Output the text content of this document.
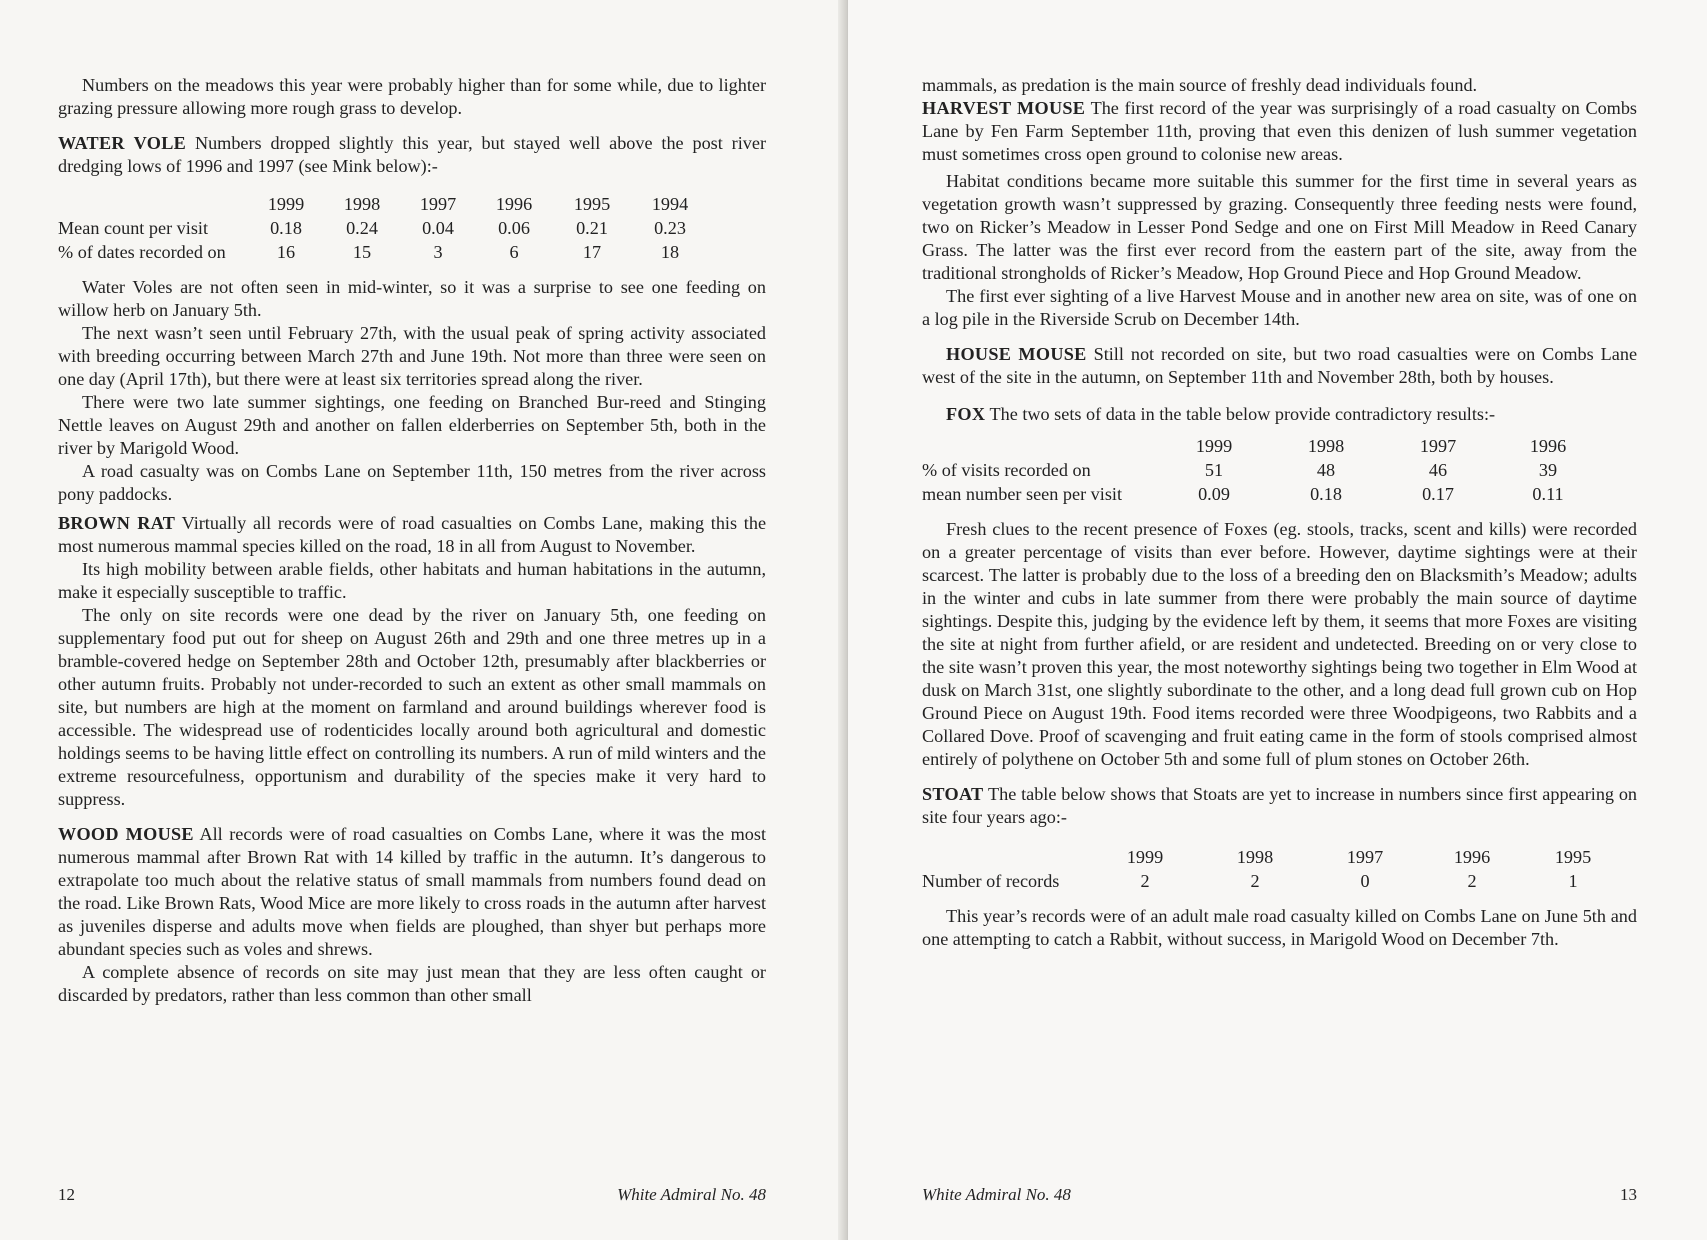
Numbers on the meadows this year were probably higher than for some while, due to lighter grazing pressure allowing more rough grass to develop.

WATER VOLE Numbers dropped slightly this year, but stayed well above the post river dredging lows of 1996 and 1997 (see Mink below):-

	1999	1998	1997	1996	1995	1994
Mean count per visit	0.18	0.24	0.04	0.06	0.21	0.23
% of dates recorded on	16	15	3	6	17	18

Water Voles are not often seen in mid-winter, so it was a surprise to see one feeding on willow herb on January 5th.

The next wasn’t seen until February 27th, with the usual peak of spring activity associated with breeding occurring between March 27th and June 19th. Not more than three were seen on one day (April 17th), but there were at least six territories spread along the river.

There were two late summer sightings, one feeding on Branched Bur-reed and Stinging Nettle leaves on August 29th and another on fallen elderberries on September 5th, both in the river by Marigold Wood.

A road casualty was on Combs Lane on September 11th, 150 metres from the river across pony paddocks.

BROWN RAT Virtually all records were of road casualties on Combs Lane, making this the most numerous mammal species killed on the road, 18 in all from August to November.

Its high mobility between arable fields, other habitats and human habitations in the autumn, make it especially susceptible to traffic.

The only on site records were one dead by the river on January 5th, one feeding on supplementary food put out for sheep on August 26th and 29th and one three metres up in a bramble-covered hedge on September 28th and October 12th, presumably after blackberries or other autumn fruits. Probably not under-recorded to such an extent as other small mammals on site, but numbers are high at the moment on farmland and around buildings wherever food is accessible. The widespread use of rodenticides locally around both agricultural and domestic holdings seems to be having little effect on controlling its numbers. A run of mild winters and the extreme resourcefulness, opportunism and durability of the species make it very hard to suppress.

WOOD MOUSE All records were of road casualties on Combs Lane, where it was the most numerous mammal after Brown Rat with 14 killed by traffic in the autumn. It’s dangerous to extrapolate too much about the relative status of small mammals from numbers found dead on the road. Like Brown Rats, Wood Mice are more likely to cross roads in the autumn after harvest as juveniles disperse and adults move when fields are ploughed, than shyer but perhaps more abundant species such as voles and shrews.

A complete absence of records on site may just mean that they are less often caught or discarded by predators, rather than less common than other small

12	White Admiral No. 48

mammals, as predation is the main source of freshly dead individuals found.

HARVEST MOUSE The first record of the year was surprisingly of a road casualty on Combs Lane by Fen Farm September 11th, proving that even this denizen of lush summer vegetation must sometimes cross open ground to colonise new areas.

Habitat conditions became more suitable this summer for the first time in several years as vegetation growth wasn’t suppressed by grazing. Consequently three feeding nests were found, two on Ricker’s Meadow in Lesser Pond Sedge and one on First Mill Meadow in Reed Canary Grass. The latter was the first ever record from the eastern part of the site, away from the traditional strongholds of Ricker’s Meadow, Hop Ground Piece and Hop Ground Meadow.

The first ever sighting of a live Harvest Mouse and in another new area on site, was of one on a log pile in the Riverside Scrub on December 14th.

HOUSE MOUSE Still not recorded on site, but two road casualties were on Combs Lane west of the site in the autumn, on September 11th and November 28th, both by houses.

FOX The two sets of data in the table below provide contradictory results:-

	1999	1998	1997	1996
% of visits recorded on	51	48	46	39
mean number seen per visit	0.09	0.18	0.17	0.11

Fresh clues to the recent presence of Foxes (eg. stools, tracks, scent and kills) were recorded on a greater percentage of visits than ever before. However, daytime sightings were at their scarcest. The latter is probably due to the loss of a breeding den on Blacksmith’s Meadow; adults in the winter and cubs in late summer from there were probably the main source of daytime sightings. Despite this, judging by the evidence left by them, it seems that more Foxes are visiting the site at night from further afield, or are resident and undetected. Breeding on or very close to the site wasn’t proven this year, the most noteworthy sightings being two together in Elm Wood at dusk on March 31st, one slightly subordinate to the other, and a long dead full grown cub on Hop Ground Piece on August 19th. Food items recorded were three Woodpigeons, two Rabbits and a Collared Dove. Proof of scavenging and fruit eating came in the form of stools comprised almost entirely of polythene on October 5th and some full of plum stones on October 26th.

STOAT The table below shows that Stoats are yet to increase in numbers since first appearing on site four years ago:-

	1999	1998	1997	1996	1995
Number of records	2	2	0	2	1

This year’s records were of an adult male road casualty killed on Combs Lane on June 5th and one attempting to catch a Rabbit, without success, in Marigold Wood on December 7th.

White Admiral No. 48	13
